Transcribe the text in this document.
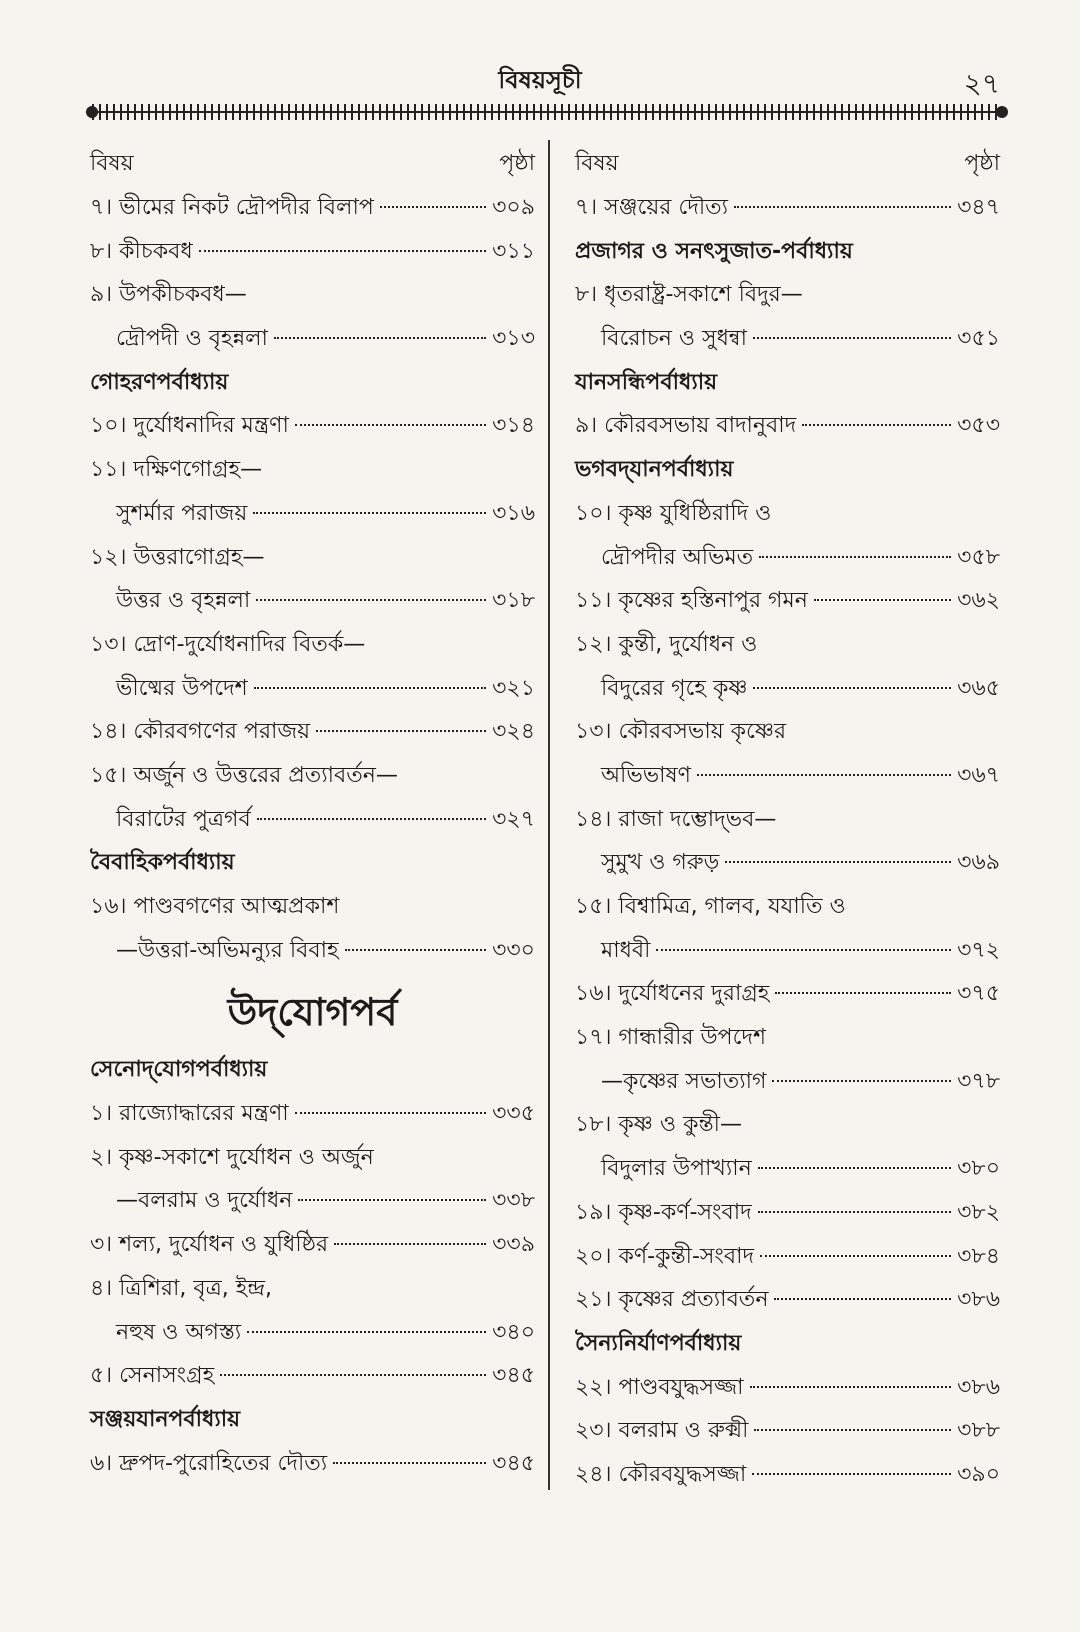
বিষয়সূচী	২৭
বিষয়	পৃষ্ঠা
৭। ভীমের নিকট দ্রৌপদীর বিলাপ	৩০৯
৮। কীচকবধ	৩১১
৯। উপকীচকবধ—
দ্রৌপদী ও বৃহন্নলা	৩১৩
গোহরণপর্বাধ্যায়
১০। দুর্যোধনাদির মন্ত্রণা	৩১৪
১১। দক্ষিণগোগ্রহ—
সুশর্মার পরাজয়	৩১৬
১২। উত্তরাগোগ্রহ—
উত্তর ও বৃহন্নলা	৩১৮
১৩। দ্রোণ-দুর্যোধনাদির বিতর্ক—
ভীষ্মের উপদেশ	৩২১
১৪। কৌরবগণের পরাজয়	৩২৪
১৫। অর্জুন ও উত্তরের প্রত্যাবর্তন—
বিরাটের পুত্রগর্ব	৩২৭
বৈবাহিকপর্বাধ্যায়
১৬। পাণ্ডবগণের আত্মপ্রকাশ
—উত্তরা-অভিমন্যুর বিবাহ	৩৩০
উদ্‌যোগপর্ব
সেনোদ্‌যোগপর্বাধ্যায়
১। রাজ্যোদ্ধারের মন্ত্রণা	৩৩৫
২। কৃষ্ণ-সকাশে দুর্যোধন ও অর্জুন
—বলরাম ও দুর্যোধন	৩৩৮
৩। শল্য, দুর্যোধন ও যুধিষ্ঠির	৩৩৯
৪। ত্রিশিরা, বৃত্র, ইন্দ্র,
নহুষ ও অগস্ত্য	৩৪০
৫। সেনাসংগ্রহ	৩৪৫
সঞ্জয়যানপর্বাধ্যায়
৬। দ্রুপদ-পুরোহিতের দৌত্য	৩৪৫
বিষয়	পৃষ্ঠা
৭। সঞ্জয়ের দৌত্য	৩৪৭
প্রজাগর ও সনৎসুজাত-পর্বাধ্যায়
৮। ধৃতরাষ্ট্র-সকাশে বিদুর—
বিরোচন ও সুধন্বা	৩৫১
যানসন্ধিপর্বাধ্যায়
৯। কৌরবসভায় বাদানুবাদ	৩৫৩
ভগবদ্‌যানপর্বাধ্যায়
১০। কৃষ্ণ যুধিষ্ঠিরাদি ও
দ্রৌপদীর অভিমত	৩৫৮
১১। কৃষ্ণের হস্তিনাপুর গমন	৩৬২
১২। কুন্তী, দুর্যোধন ও
বিদুরের গৃহে কৃষ্ণ	৩৬৫
১৩। কৌরবসভায় কৃষ্ণের
অভিভাষণ	৩৬৭
১৪। রাজা দম্ভোদ্‌ভব—
সুমুখ ও গরুড়	৩৬৯
১৫। বিশ্বামিত্র, গালব, যযাতি ও
মাধবী	৩৭২
১৬। দুর্যোধনের দুরাগ্রহ	৩৭৫
১৭। গান্ধারীর উপদেশ
—কৃষ্ণের সভাত্যাগ	৩৭৮
১৮। কৃষ্ণ ও কুন্তী—
বিদুলার উপাখ্যান	৩৮০
১৯। কৃষ্ণ-কর্ণ-সংবাদ	৩৮২
২০। কর্ণ-কুন্তী-সংবাদ	৩৮৪
২১। কৃষ্ণের প্রত্যাবর্তন	৩৮৬
সৈন্যনির্যাণপর্বাধ্যায়
২২। পাণ্ডবযুদ্ধসজ্জা	৩৮৬
২৩। বলরাম ও রুক্মী	৩৮৮
২৪। কৌরবযুদ্ধসজ্জা	৩৯০
